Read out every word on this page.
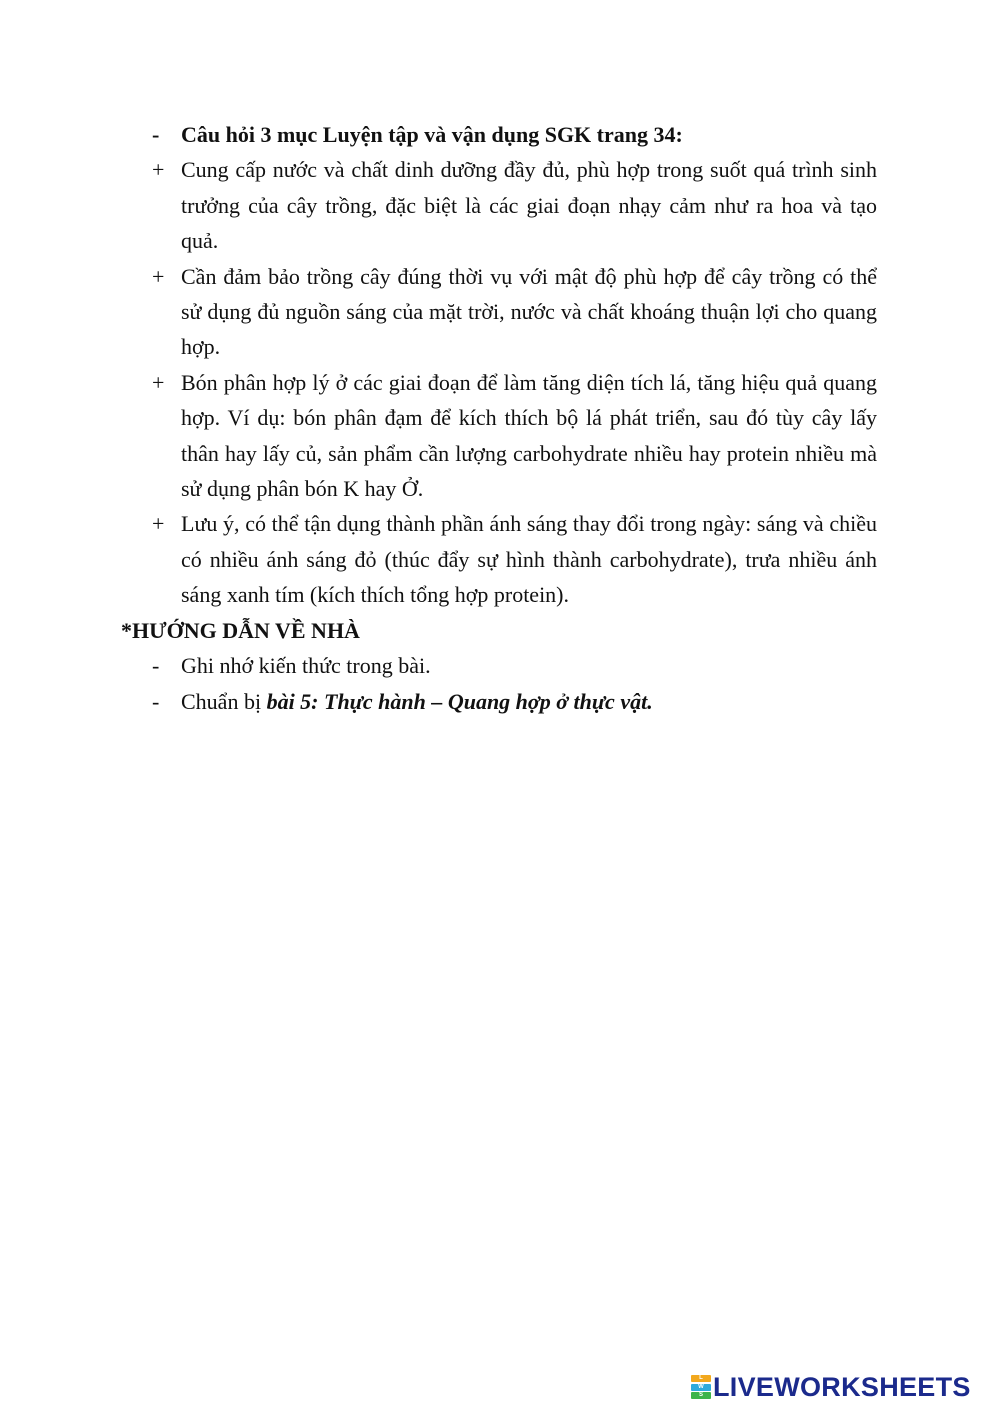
- Câu hỏi 3 mục Luyện tập và vận dụng SGK trang 34:
+ Cung cấp nước và chất dinh dưỡng đầy đủ, phù hợp trong suốt quá trình sinh trưởng của cây trồng, đặc biệt là các giai đoạn nhạy cảm như ra hoa và tạo quả.
+ Cần đảm bảo trồng cây đúng thời vụ với mật độ phù hợp để cây trồng có thể sử dụng đủ nguồn sáng của mặt trời, nước và chất khoáng thuận lợi cho quang hợp.
+ Bón phân hợp lý ở các giai đoạn để làm tăng diện tích lá, tăng hiệu quả quang hợp. Ví dụ: bón phân đạm để kích thích bộ lá phát triển, sau đó tùy cây lấy thân hay lấy củ, sản phẩm cần lượng carbohydrate nhiều hay protein nhiều mà sử dụng phân bón K hay Ở.
+ Lưu ý, có thể tận dụng thành phần ánh sáng thay đổi trong ngày: sáng và chiều có nhiều ánh sáng đỏ (thúc đẩy sự hình thành carbohydrate), trưa nhiều ánh sáng xanh tím (kích thích tổng hợp protein).
*HƯỚNG DẪN VỀ NHÀ
- Ghi nhớ kiến thức trong bài.
- Chuẩn bị bài 5: Thực hành – Quang hợp ở thực vật.
L
W
S LIVEWORKSHEETS
